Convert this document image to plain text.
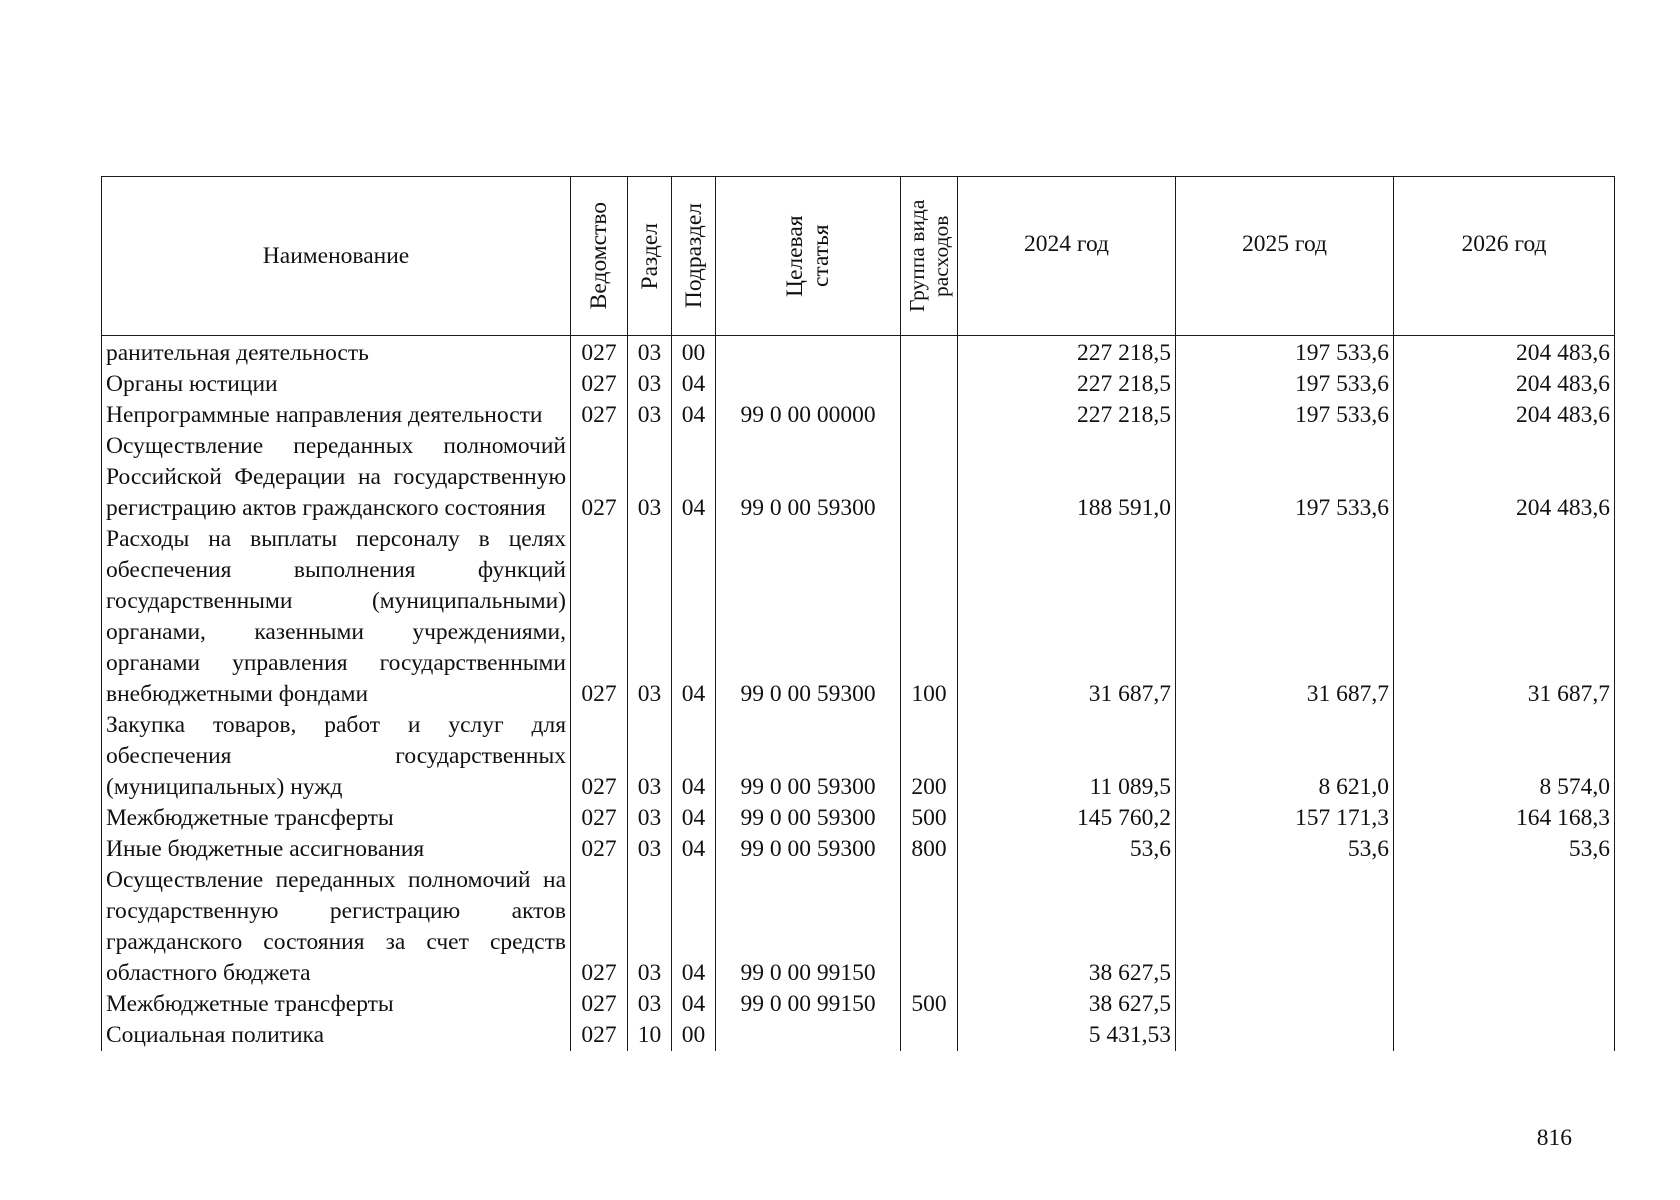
Наименование	Ведомство	Раздел	Подраздел	Целевая статья	Группа вида расходов	2024 год	2025 год	2026 год

ранительная деятельность	027	03	00			227 218,5	197 533,6	204 483,6
Органы юстиции	027	03	04			227 218,5	197 533,6	204 483,6
Непрограммные направления деятельности	027	03	04	99 0 00 00000		227 218,5	197 533,6	204 483,6
Осуществление переданных полномочий Российской Федерации на государственную регистрацию актов гражданского состояния	027	03	04	99 0 00 59300		188 591,0	197 533,6	204 483,6
Расходы на выплаты персоналу в целях обеспечения выполнения функций государственными (муниципальными) органами, казенными учреждениями, органами управления государственными внебюджетными фондами	027	03	04	99 0 00 59300	100	31 687,7	31 687,7	31 687,7
Закупка товаров, работ и услуг для обеспечения государственных (муниципальных) нужд	027	03	04	99 0 00 59300	200	11 089,5	8 621,0	8 574,0
Межбюджетные трансферты	027	03	04	99 0 00 59300	500	145 760,2	157 171,3	164 168,3
Иные бюджетные ассигнования	027	03	04	99 0 00 59300	800	53,6	53,6	53,6
Осуществление переданных полномочий на государственную регистрацию актов гражданского состояния за счет средств областного бюджета	027	03	04	99 0 00 99150		38 627,5		
Межбюджетные трансферты	027	03	04	99 0 00 99150	500	38 627,5		
Социальная политика	027	10	00			5 431,53		
816
